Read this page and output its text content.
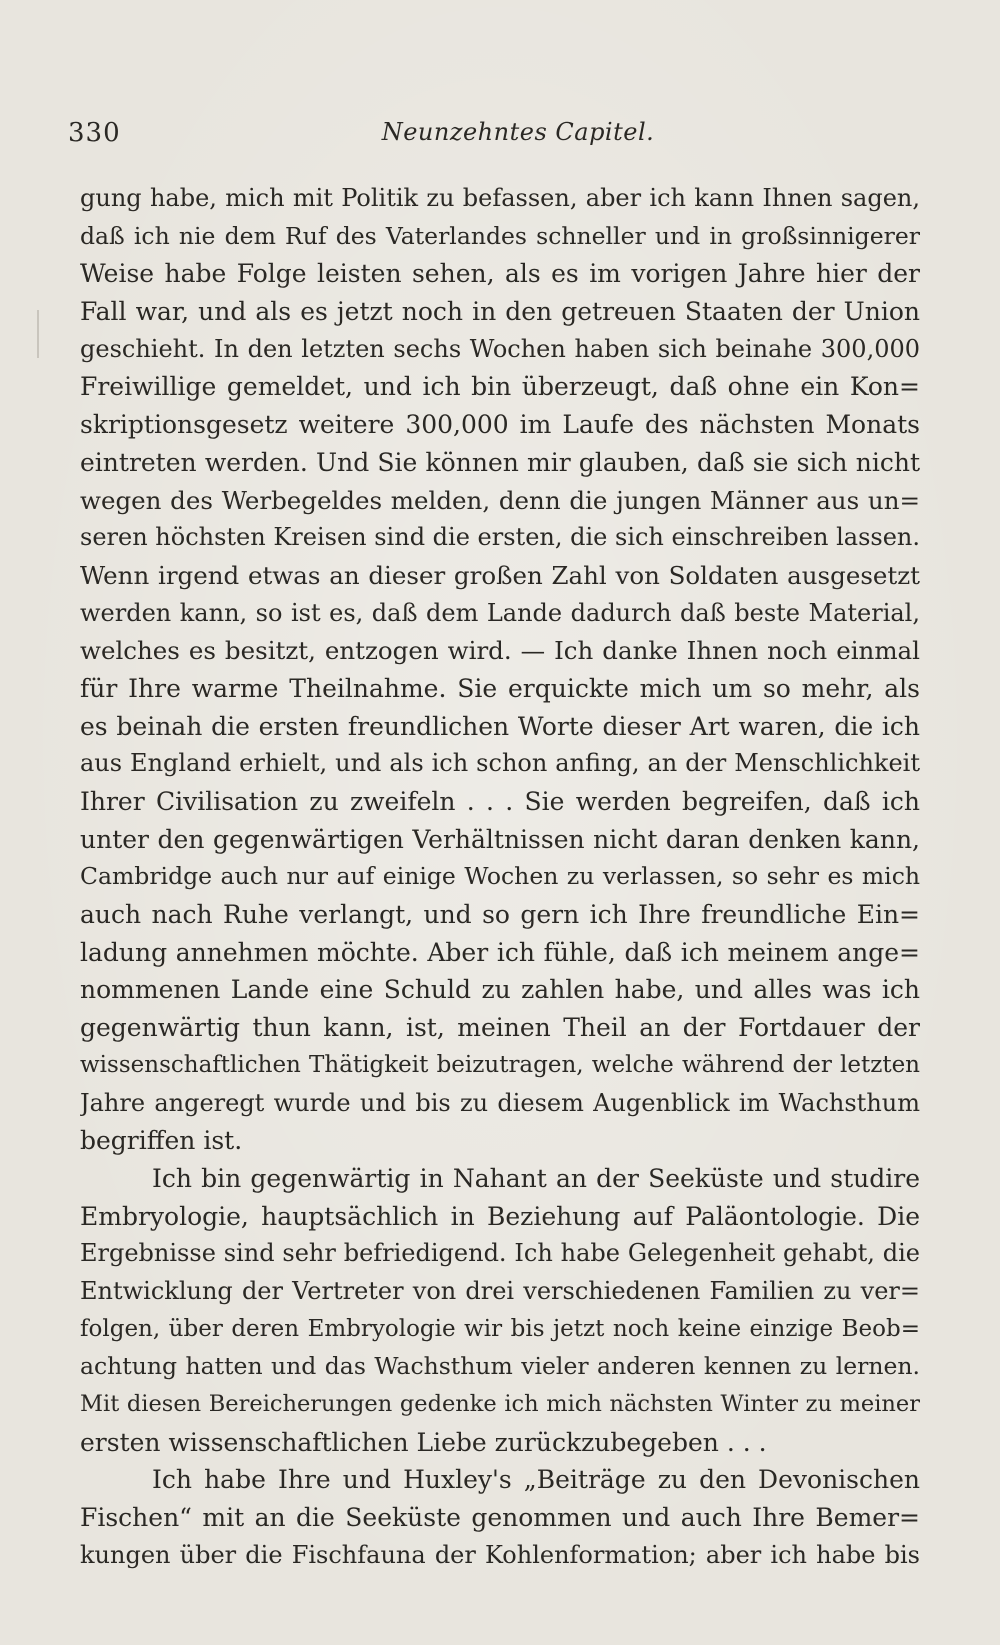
330	Neunzehntes Capitel.
gung habe, mich mit Politik zu befassen, aber ich kann Ihnen sagen,
daß ich nie dem Ruf des Vaterlandes schneller und in großsinnigerer
Weise habe Folge leisten sehen, als es im vorigen Jahre hier der
Fall war, und als es jetzt noch in den getreuen Staaten der Union
geschieht. In den letzten sechs Wochen haben sich beinahe 300,000
Freiwillige gemeldet, und ich bin überzeugt, daß ohne ein Kon=
skriptionsgesetz weitere 300,000 im Laufe des nächsten Monats
eintreten werden. Und Sie können mir glauben, daß sie sich nicht
wegen des Werbegeldes melden, denn die jungen Männer aus un=
seren höchsten Kreisen sind die ersten, die sich einschreiben lassen.
Wenn irgend etwas an dieser großen Zahl von Soldaten ausgesetzt
werden kann, so ist es, daß dem Lande dadurch daß beste Material,
welches es besitzt, entzogen wird. — Ich danke Ihnen noch einmal
für Ihre warme Theilnahme. Sie erquickte mich um so mehr, als
es beinah die ersten freundlichen Worte dieser Art waren, die ich
aus England erhielt, und als ich schon anfing, an der Menschlichkeit
Ihrer Civilisation zu zweifeln . . . Sie werden begreifen, daß ich
unter den gegenwärtigen Verhältnissen nicht daran denken kann,
Cambridge auch nur auf einige Wochen zu verlassen, so sehr es mich
auch nach Ruhe verlangt, und so gern ich Ihre freundliche Ein=
ladung annehmen möchte. Aber ich fühle, daß ich meinem ange=
nommenen Lande eine Schuld zu zahlen habe, und alles was ich
gegenwärtig thun kann, ist, meinen Theil an der Fortdauer der
wissenschaftlichen Thätigkeit beizutragen, welche während der letzten
Jahre angeregt wurde und bis zu diesem Augenblick im Wachsthum
begriffen ist.
Ich bin gegenwärtig in Nahant an der Seeküste und studire
Embryologie, hauptsächlich in Beziehung auf Paläontologie. Die
Ergebnisse sind sehr befriedigend. Ich habe Gelegenheit gehabt, die
Entwicklung der Vertreter von drei verschiedenen Familien zu ver=
folgen, über deren Embryologie wir bis jetzt noch keine einzige Beob=
achtung hatten und das Wachsthum vieler anderen kennen zu lernen.
Mit diesen Bereicherungen gedenke ich mich nächsten Winter zu meiner
ersten wissenschaftlichen Liebe zurückzubegeben . . .
Ich habe Ihre und Huxley's „Beiträge zu den Devonischen
Fischen“ mit an die Seeküste genommen und auch Ihre Bemer=
kungen über die Fischfauna der Kohlenformation; aber ich habe bis
